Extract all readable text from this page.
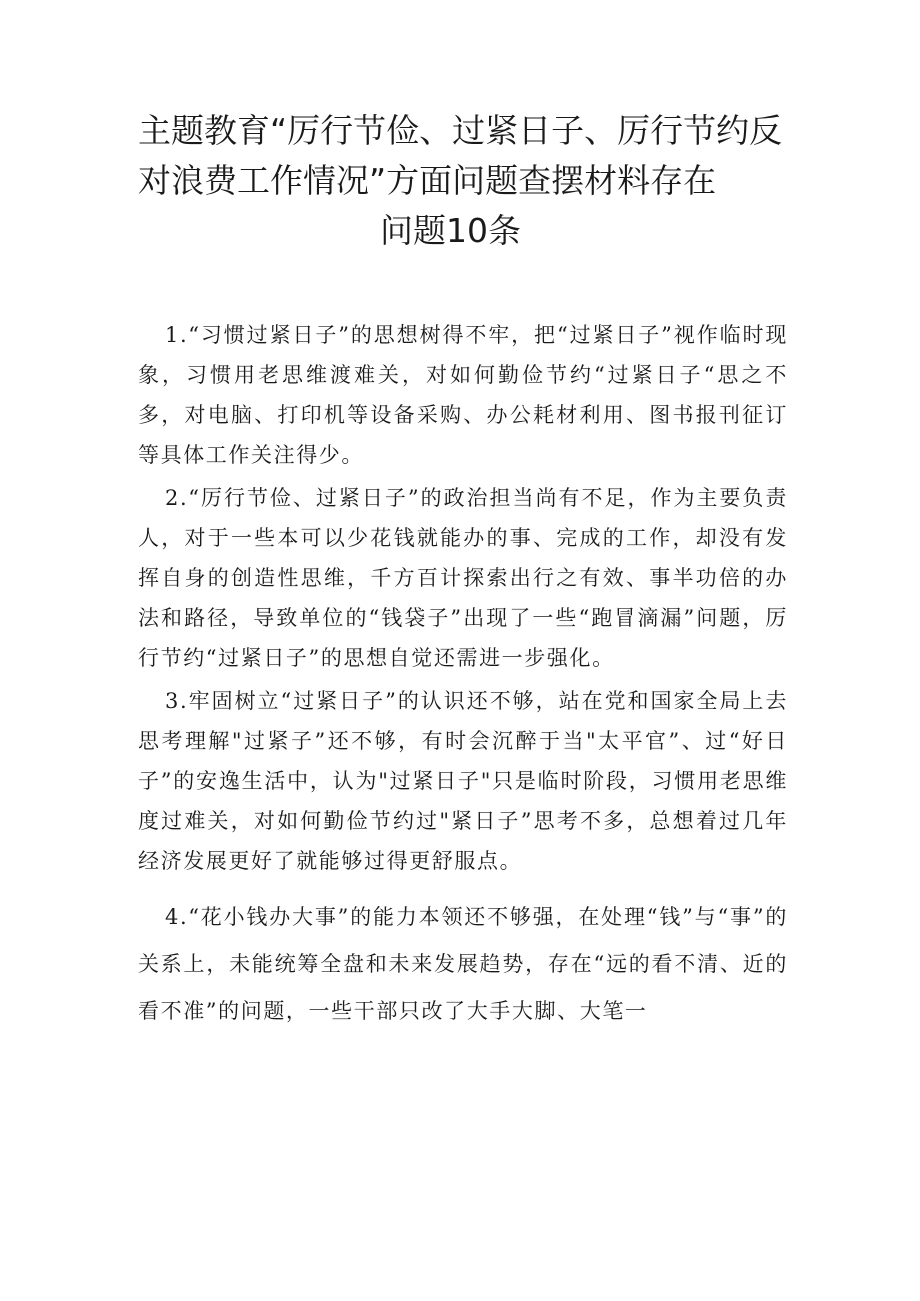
主题教育“厉行节俭、过紧日子、厉行节约反
对浪费工作情况”方面问题查摆材料存在
问题10条

1.“习惯过紧日子”的思想树得不牢，把“过紧日子”视作临时现象，习惯用老思维渡难关，对如何勤俭节约“过紧日子“思之不多，对电脑、打印机等设备采购、办公耗材利用、图书报刊征订等具体工作关注得少。

2.“厉行节俭、过紧日子”的政治担当尚有不足，作为主要负责人，对于一些本可以少花钱就能办的事、完成的工作，却没有发挥自身的创造性思维，千方百计探索出行之有效、事半功倍的办法和路径，导致单位的“钱袋子”出现了一些“跑冒滴漏”问题，厉行节约“过紧日子”的思想自觉还需进一步强化。

3.牢固树立“过紧日子”的认识还不够，站在党和国家全局上去思考理解"过紧子”还不够，有时会沉醉于当"太平官”、过“好日子”的安逸生活中，认为"过紧日子"只是临时阶段，习惯用老思维度过难关，对如何勤俭节约过"紧日子”思考不多，总想着过几年经济发展更好了就能够过得更舒服点。

4.“花小钱办大事”的能力本领还不够强，在处理“钱”与“事”的关系上，未能统筹全盘和未来发展趋势，存在“远的看不清、近的看不准”的问题，一些干部只改了大手大脚、大笔一
